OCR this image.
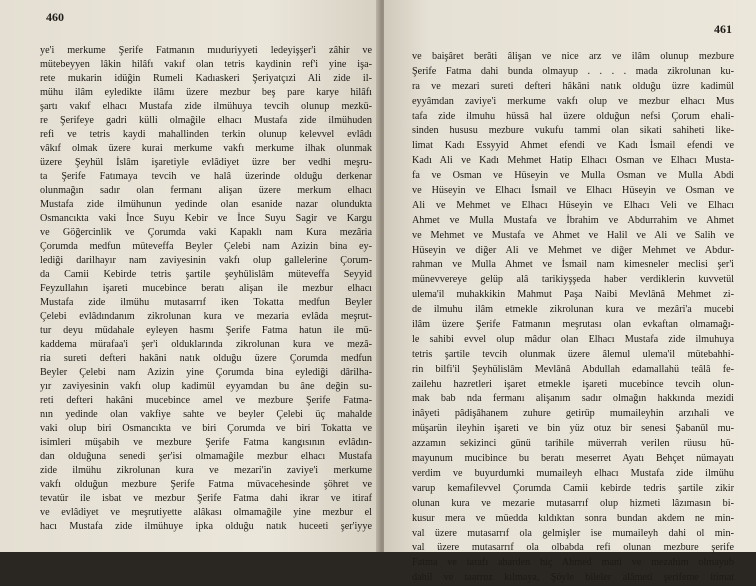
460
ye'i merkume Şerife Fatmanın mııduriyyeti ledeyişşer'i zâhir ve
mütebeyyen lâkin hilâfı vakıf olan tetris kaydinin ref'i yine işa-
rete mukarin idüğin Rumeli Kadıaskeri Şeriyatçızi Ali zide il-
mühu ilâm eyledikte ilâmı üzere mezbur beş pare karye hilâfı
şartı vakıf elhacı Mustafa zide ilmühuya tevcih olunup mezkü-
re Şerifeye gadri külli olmağile elhacı Mustafa zide ilmühuden
refi ve tetris kaydi mahallinden terkin olunup kelevvel evlâdı
vâkıf olmak üzere kurai merkume vakfı merkume ilhak olunmak
üzere Şeyhül İslâm işaretiyle evlâdiyet üzre ber vedhi meşru-
ta Şerife Fatımaya tevcih ve halâ üzerinde olduğu derkenar
olunmağın sadır olan fermanı alişan üzere merkum elhacı
Mustafa zide ilmühunun yedinde olan esanide nazar olundukta
Osmancıkta vaki İnce Suyu Kebir ve İnce Suyu Sagir ve Kargu
ve Göğercinlik ve Çorumda vaki Kapaklı nam Kura mezâria
Çorumda medfun müteveffa Beyler Çelebi nam Azizin bina ey-
lediği darilhayır nam zaviyesinin vakfı olup gallelerine Çorum-
da Camii Kebirde tetris şartile şeyhülislâm müteveffa Seyyid
Feyzullahın işareti mucebince beratı alişan ile mezbur elhacı
Mustafa zide ilmühu mutasarrıf iken Tokatta medfun Beyler
Çelebi evlâdındanım zikrolunan kura ve mezaria evlâda meşrut-
tur deyu müdahale eyleyen hasmı Şerife Fatma hatun ile mü-
kaddema mürafaa'i şer'i olduklarında zikrolunan kura ve mezâ-
ria sureti defteri hakâni natık olduğu üzere Çorumda medfun
Beyler Çelebi nam Azizin yine Çorumda bina eylediği dârilha-
yır zaviyesinin vakfı olup kadimül eyyamdan bu âne değin su-
reti defteri hakâni mucebince amel ve mezbure Şerife Fatma-
nın yedinde olan vakfiye sahte ve beyler Çelebi üç mahalde
vaki olup biri Osmancıkta ve biri Çorumda ve biri Tokatta ve
isimleri müşabih ve mezbure Şerife Fatma kangısının evlâdın-
dan olduğuna senedi şer'isi olmamağile mezbur elhacı Mustafa
zide ilmühu zikrolunan kura ve mezari'in zaviye'i merkume
vakfı olduğun mezbure Şerife Fatma müvacehesinde şöhret ve
tevatür ile isbat ve mezbur Şerife Fatma dahi ikrar ve itiraf
ve evlâdiyet ve meşrutiyette alâkası olmamağile yine mezbur el
hacı Mustafa zide ilmühuye ipka olduğu natık huceeti şer'iyye
461
ve baişâret berâti âlişan ve nice arz ve ilâm olunup mezbure
Şerife Fatma dahi bunda olmayup . . . . mada zikrolunan ku-
ra ve mezari sureti defteri hâkâni natık olduğu üzre kadimül
eyyâmdan zaviye'i merkume vakfı olup ve mezbur elhacı Mus
tafa zide ilmuhu hüssâ hal üzere olduğun nefsi Çorum ehali-
sinden hususu mezbure vukufu tammi olan sikati sahiheti like-
limat Kadı Essyyid Ahmet efendi ve Kadı İsmail efendi ve
Kadı Ali ve Kadı Mehmet Hatip Elhacı Osman ve Elhacı Musta-
fa ve Osman ve Hüseyin ve Mulla Osman ve Mulla Abdi
ve Hüseyin ve Elhacı İsmail ve Elhacı Hüseyin ve Osman ve
Ali ve Mehmet ve Elhacı Hüseyin ve Elhacı Veli ve Elhacı
Ahmet ve Mulla Mustafa ve İbrahim ve Abdurrahim ve Ahmet
ve Mehmet ve Mustafa ve Ahmet ve Halil ve Ali ve Salih ve
Hüseyin ve diğer Ali ve Mehmet ve diğer Mehmet ve Abdur-
rahman ve Mulla Ahmet ve İsmail nam kimesneler meclisi şer'i
münevvereye gelüp alâ tarikiyşşeda haber verdiklerin kuvvetül
ulema'il muhakkikin Mahmut Paşa Naibi Mevlânâ Mehmet zi-
de ilmuhu ilâm etmekle zikrolunan kura ve mezâri'a mucebi
ilâm üzere Şerife Fatmanın meşrutası olan evkaftan olmamağı-
le sahibi evvel olup mâdur olan Elhacı Mustafa zide ilmuhuya
tetris şartile tevcih olunmak üzere âlemul ulema'il mütebahhi-
rin bilfi'il Şeyhülislâm Mevlânâ Abdullah edamallahü teâlâ fe-
zailehu hazretleri işaret etmekle işareti mucebince tevcih olun-
mak bab nda fermanı alişanım sadır olmağın hakkında mezidi
inâyeti pâdişâhanem zuhure getirüp mumaileyhin arzıhali ve
müşarün ileyhin işareti ve bin yüz otuz bir senesi Şabanül mu-
azzamın sekizinci günü tarihile müverrah verilen rüusu hü-
mayunum mucibince bu beratı meserret Ayatı Behçet nümayatı
verdim ve buyurdumki mumaileyh elhacı Mustafa zide ilmühu
varup kemafilevvel Çorumda Camii kebirde tedris şartile zikir
olunan kura ve mezarie mutasarrıf olup hizmeti lâzımasın bi-
kusur mera ve müedda kıldıktan sonra bundan akdem ne min-
val üzere mutasarrıf ola gelmişler ise mumaileyh dahi ol min-
val üzere mutasarrıf ola olbabda refi olunan mezbure şerife
Fatma ve tarafı aharden hiç Ahmed mani ve mezahim olmayub
dahil ve taarruz kılmaya, Şöyle bileler alâmeti şerifeme itimat
